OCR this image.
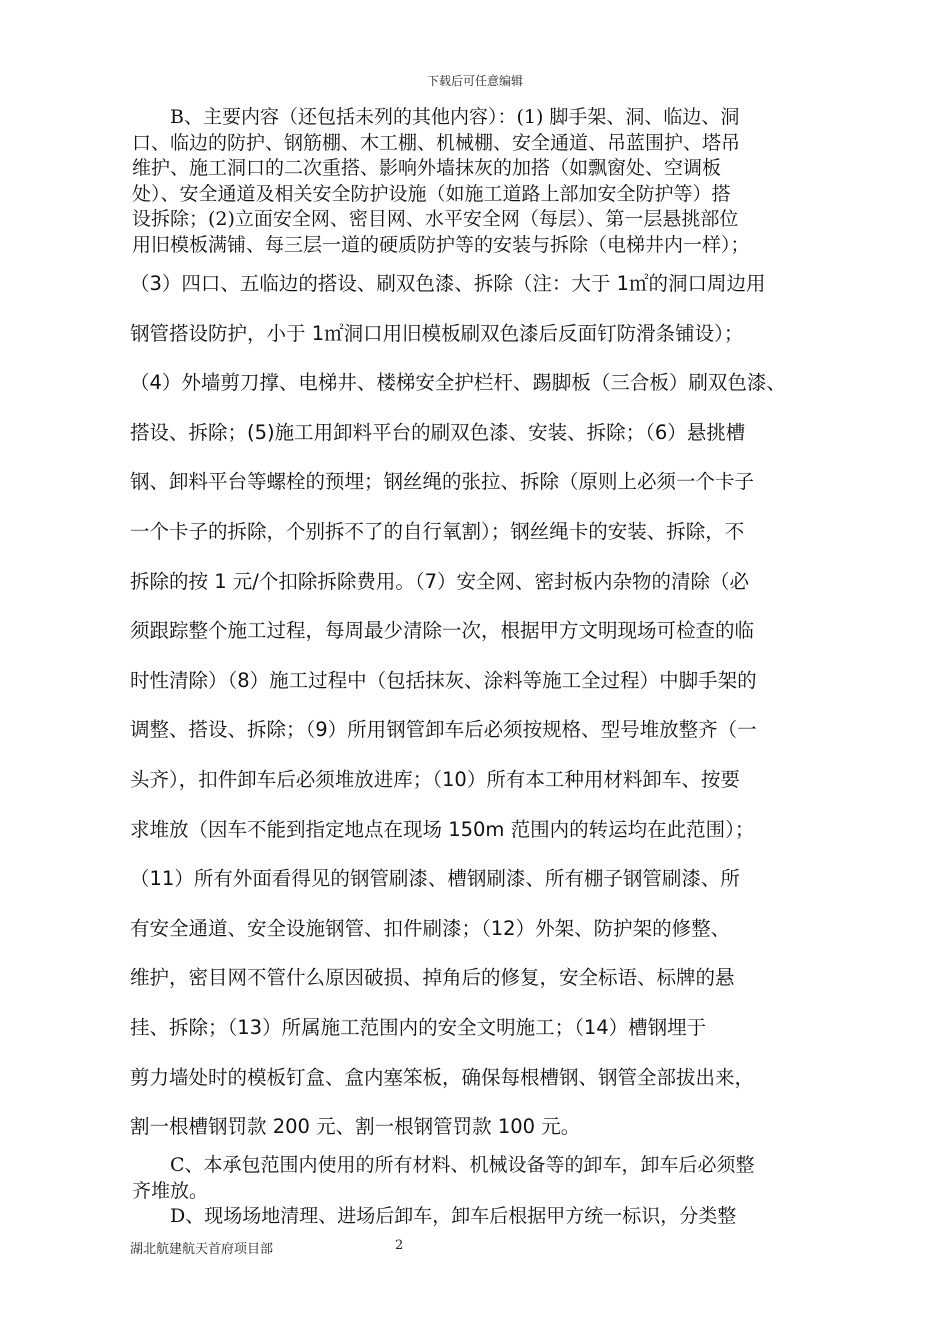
下载后可任意编辑
　　B、主要内容（还包括未列的其他内容）：(1) 脚手架、洞、临边、洞
口、临边的防护、钢筋棚、木工棚、机械棚、安全通道、吊蓝围护、塔吊
维护、施工洞口的二次重搭、影响外墙抹灰的加搭（如飘窗处、空调板
处）、安全通道及相关安全防护设施（如施工道路上部加安全防护等）搭
设拆除；(2)立面安全网、密目网、水平安全网（每层）、第一层悬挑部位
用旧模板满铺、每三层一道的硬质防护等的安装与拆除（电梯井内一样）；
（3）四口、五临边的搭设、刷双色漆、拆除（注：大于 1㎡的洞口周边用
钢管搭设防护，小于 1㎡洞口用旧模板刷双色漆后反面钉防滑条铺设）；
（4）外墙剪刀撑、电梯井、楼梯安全护栏杆、踢脚板（三合板）刷双色漆、
搭设、拆除；(5)施工用卸料平台的刷双色漆、安装、拆除；（6）悬挑槽
钢、卸料平台等螺栓的预埋；钢丝绳的张拉、拆除（原则上必须一个卡子
一个卡子的拆除，个别拆不了的自行氧割）；钢丝绳卡的安装、拆除，不
拆除的按 1 元/个扣除拆除费用。（7）安全网、密封板内杂物的清除（必
须跟踪整个施工过程，每周最少清除一次，根据甲方文明现场可检查的临
时性清除）（8）施工过程中（包括抹灰、涂料等施工全过程）中脚手架的
调整、搭设、拆除；（9）所用钢管卸车后必须按规格、型号堆放整齐（一
头齐），扣件卸车后必须堆放进库；（10）所有本工种用材料卸车、按要
求堆放（因车不能到指定地点在现场 150m 范围内的转运均在此范围）；
（11）所有外面看得见的钢管刷漆、槽钢刷漆、所有棚子钢管刷漆、所
有安全通道、安全设施钢管、扣件刷漆；（12）外架、防护架的修整、
维护，密目网不管什么原因破损、掉角后的修复，安全标语、标牌的悬
挂、拆除；（13）所属施工范围内的安全文明施工；（14）槽钢埋于
剪力墙处时的模板钉盒、盒内塞笨板，确保每根槽钢、钢管全部拔出来，
割一根槽钢罚款 200 元、割一根钢管罚款 100 元。
　　C、本承包范围内使用的所有材料、机械设备等的卸车，卸车后必须整
齐堆放。
　　D、现场场地清理、进场后卸车，卸车后根据甲方统一标识，分类整
湖北航建航天首府项目部	2
